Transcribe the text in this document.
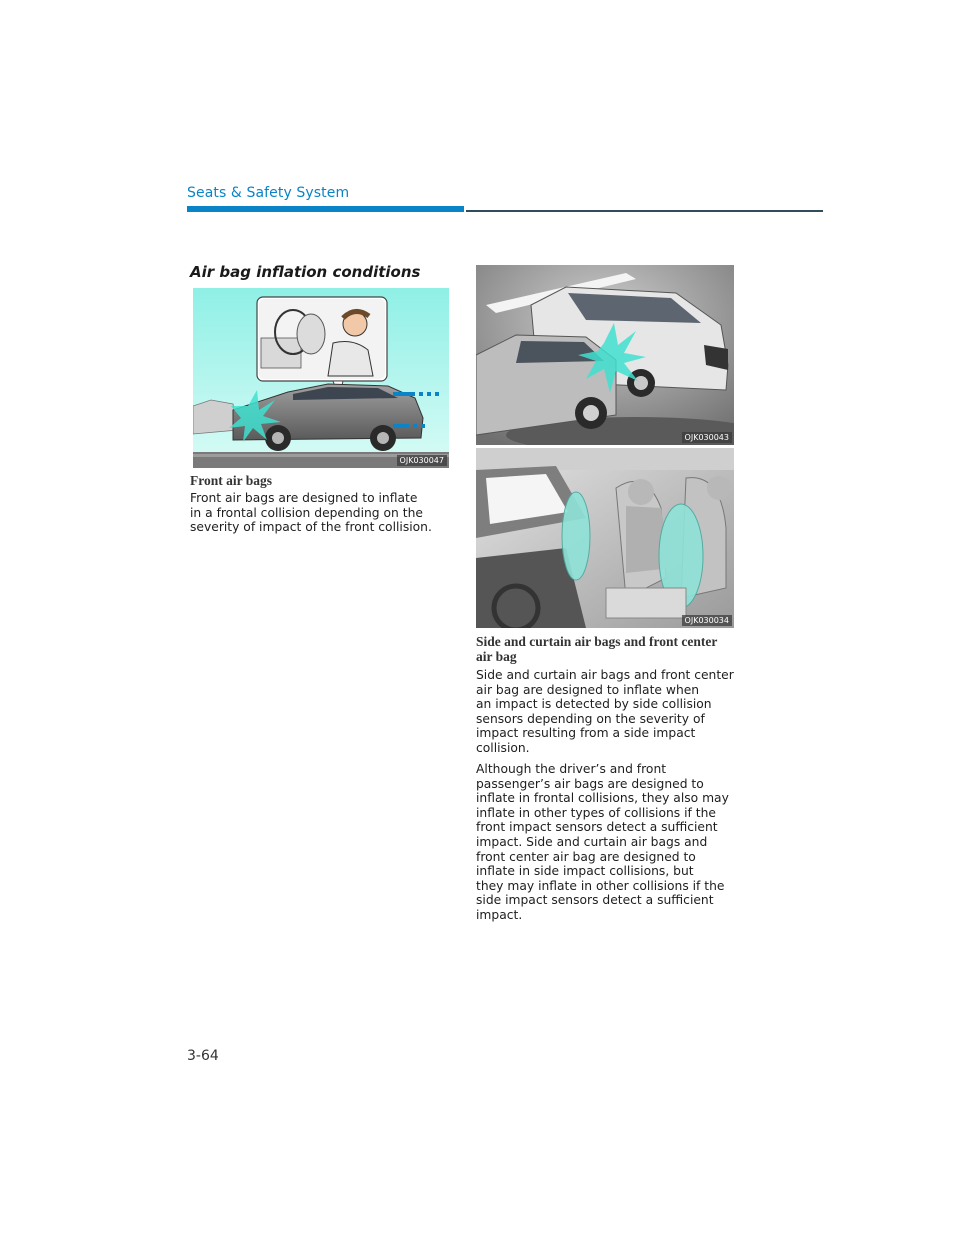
Seats & Safety System
Air bag inflation conditions
OJK030047
Front air bags
Front air bags are designed to inflate
in a frontal collision depending on the
severity of impact of the front collision.
OJK030043
OJK030034
Side and curtain air bags and front center
air bag
Side and curtain air bags and front center
air bag are designed to inflate when
an impact is detected by side collision
sensors depending on the severity of
impact resulting from a side impact
collision.
Although the driver’s and front
passenger’s air bags are designed to
inflate in frontal collisions, they also may
inflate in other types of collisions if the
front impact sensors detect a sufficient
impact. Side and curtain air bags and
front center air bag are designed to
inflate in side impact collisions, but
they may inflate in other collisions if the
side impact sensors detect a sufficient
impact.
3-64
